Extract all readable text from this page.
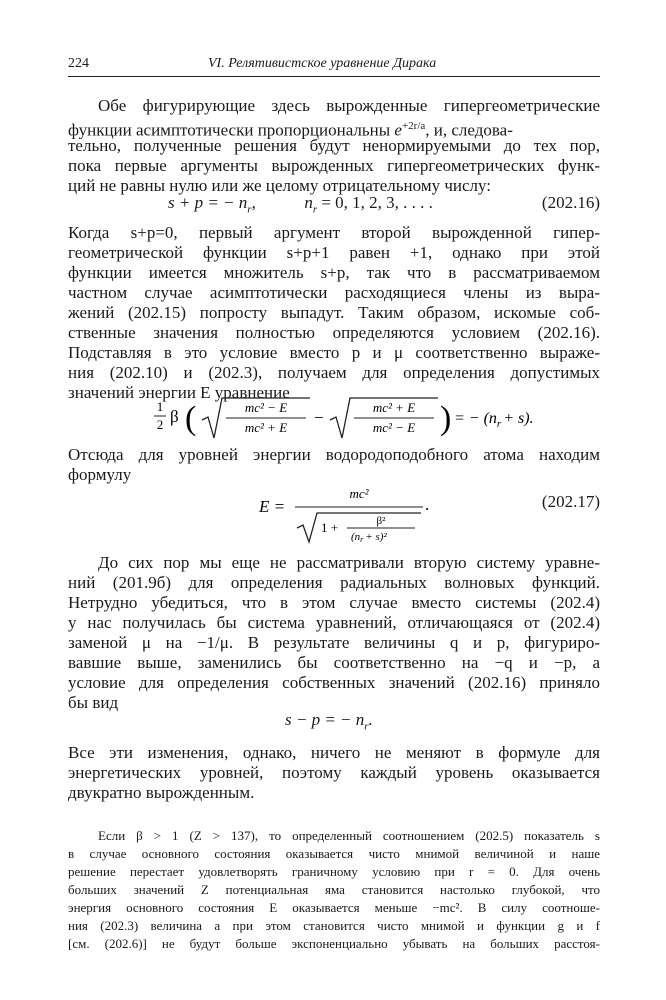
224	VI. Релятивистское уравнение Дирака
Обе фигурирующие здесь вырожденные гипергеометрические
функции асимптотически пропорциональны $e^{+2r/a}$, и, следова-
тельно, полученные решения будут ненормируемыми до тех пор,
пока первые аргументы вырожденных гипергеометрических функ-
ций не равны нулю или же целому отрицательному числу:
s + p = − $n_r$,	$n_r = 0$, 1, 2, 3, . . . .	(202.16)
Когда s+p=0, первый аргумент второй вырожденной гипер-
геометрической функции s+p+1 равен +1, однако при этой
функции имеется множитель s+p, так что в рассматриваемом
частном случае асимптотически расходящиеся члены из выра-
жений (202.15) попросту выпадут. Таким образом, искомые соб-
ственные значения полностью определяются условием (202.16).
Подставляя в это условие вместо p и μ соответственно выраже-
ния (202.10) и (202.3), получаем для определения допустимых
значений энергии E уравнение
1
2 β (	mc² − E
mc² + E
−
mc² + E
mc² − E ) = − $(n_r + s)$.
Отсюда для уровней энергии водородоподобного атома находим
формулу
E =
mc²
1 +	β²
(nr + s)²
.	(202.17)
До сих пор мы еще не рассматривали вторую систему уравне-
ний (201.9б) для определения радиальных волновых функций.
Нетрудно убедиться, что в этом случае вместо системы (202.4)
у нас получилась бы система уравнений, отличающаяся от (202.4)
заменой μ на −1/μ. В результате величины q и p, фигуриро-
вавшие выше, заменились бы соответственно на −q и −p, а
условие для определения собственных значений (202.16) приняло
бы вид
s − p = − $n_r$.
Все эти изменения, однако, ничего не меняют в формуле для
энергетических уровней, поэтому каждый уровень оказывается
двукратно вырожденным.
Если β > 1 (Z > 137), то определенный соотношением (202.5) показатель s
в случае основного состояния оказывается чисто мнимой величиной и наше
решение перестает удовлетворять граничному условию при r = 0. Для очень
больших значений Z потенциальная яма становится настолько глубокой, что
энергия основного состояния E оказывается меньше −mc². В силу соотноше-
ния (202.3) величина a при этом становится чисто мнимой и функции g и f
[см. (202.6)] не будут больше экспоненциально убывать на больших расстоя-
